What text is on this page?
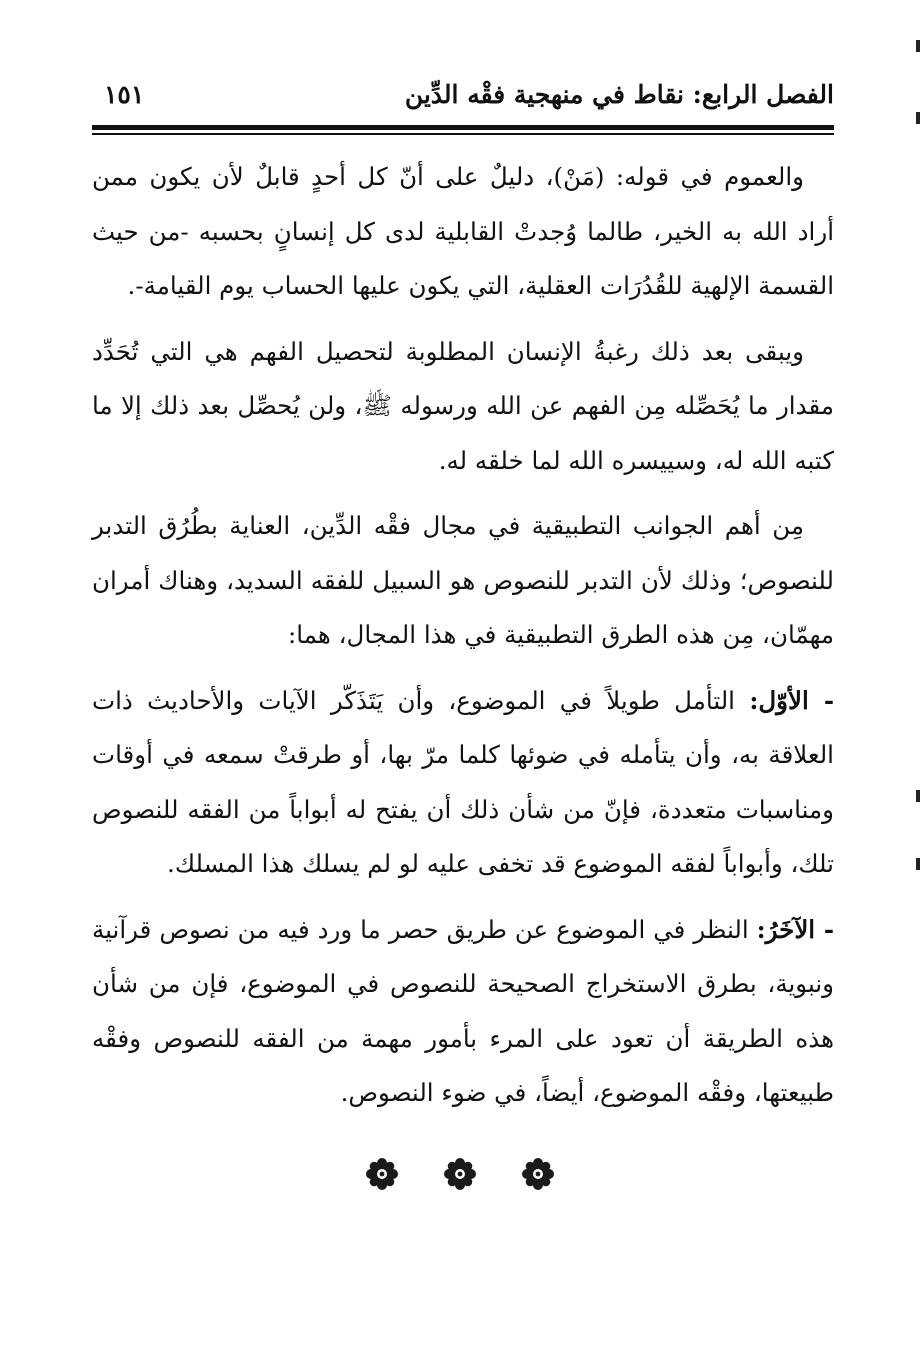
الفصل الرابع: نقاط في منهجية فقْه الدِّين
١٥١

والعموم في قوله: (مَنْ)، دليلٌ على أنّ كل أحدٍ قابلٌ لأن يكون ممن أراد الله به الخير، طالما وُجدتْ القابلية لدى كل إنسانٍ بحسبه -من حيث القسمة الإلهية للقُدُرَات العقلية، التي يكون عليها الحساب يوم القيامة-.

ويبقى بعد ذلك رغبةُ الإنسان المطلوبة لتحصيل الفهم هي التي تُحَدِّد مقدار ما يُحَصِّله مِن الفهم عن الله ورسوله ﷺ، ولن يُحصِّل بعد ذلك إلا ما كتبه الله له، وسييسره الله لما خلقه له.

مِن أهم الجوانب التطبيقية في مجال فقْه الدِّين، العناية بطُرُق التدبر للنصوص؛ وذلك لأن التدبر للنصوص هو السبيل للفقه السديد، وهناك أمران مهمّان، مِن هذه الطرق التطبيقية في هذا المجال، هما:

- الأوّل: التأمل طويلاً في الموضوع، وأن يَتَذَكّر الآيات والأحاديث ذات العلاقة به، وأن يتأمله في ضوئها كلما مرّ بها، أو طرقتْ سمعه في أوقات ومناسبات متعددة، فإنّ من شأن ذلك أن يفتح له أبواباً من الفقه للنصوص تلك، وأبواباً لفقه الموضوع قد تخفى عليه لو لم يسلك هذا المسلك.

- الآخَرُ: النظر في الموضوع عن طريق حصر ما ورد فيه من نصوص قرآنية ونبوية، بطرق الاستخراج الصحيحة للنصوص في الموضوع، فإن من شأن هذه الطريقة أن تعود على المرء بأمور مهمة من الفقه للنصوص وفقْه طبيعتها، وفقْه الموضوع، أيضاً، في ضوء النصوص.
